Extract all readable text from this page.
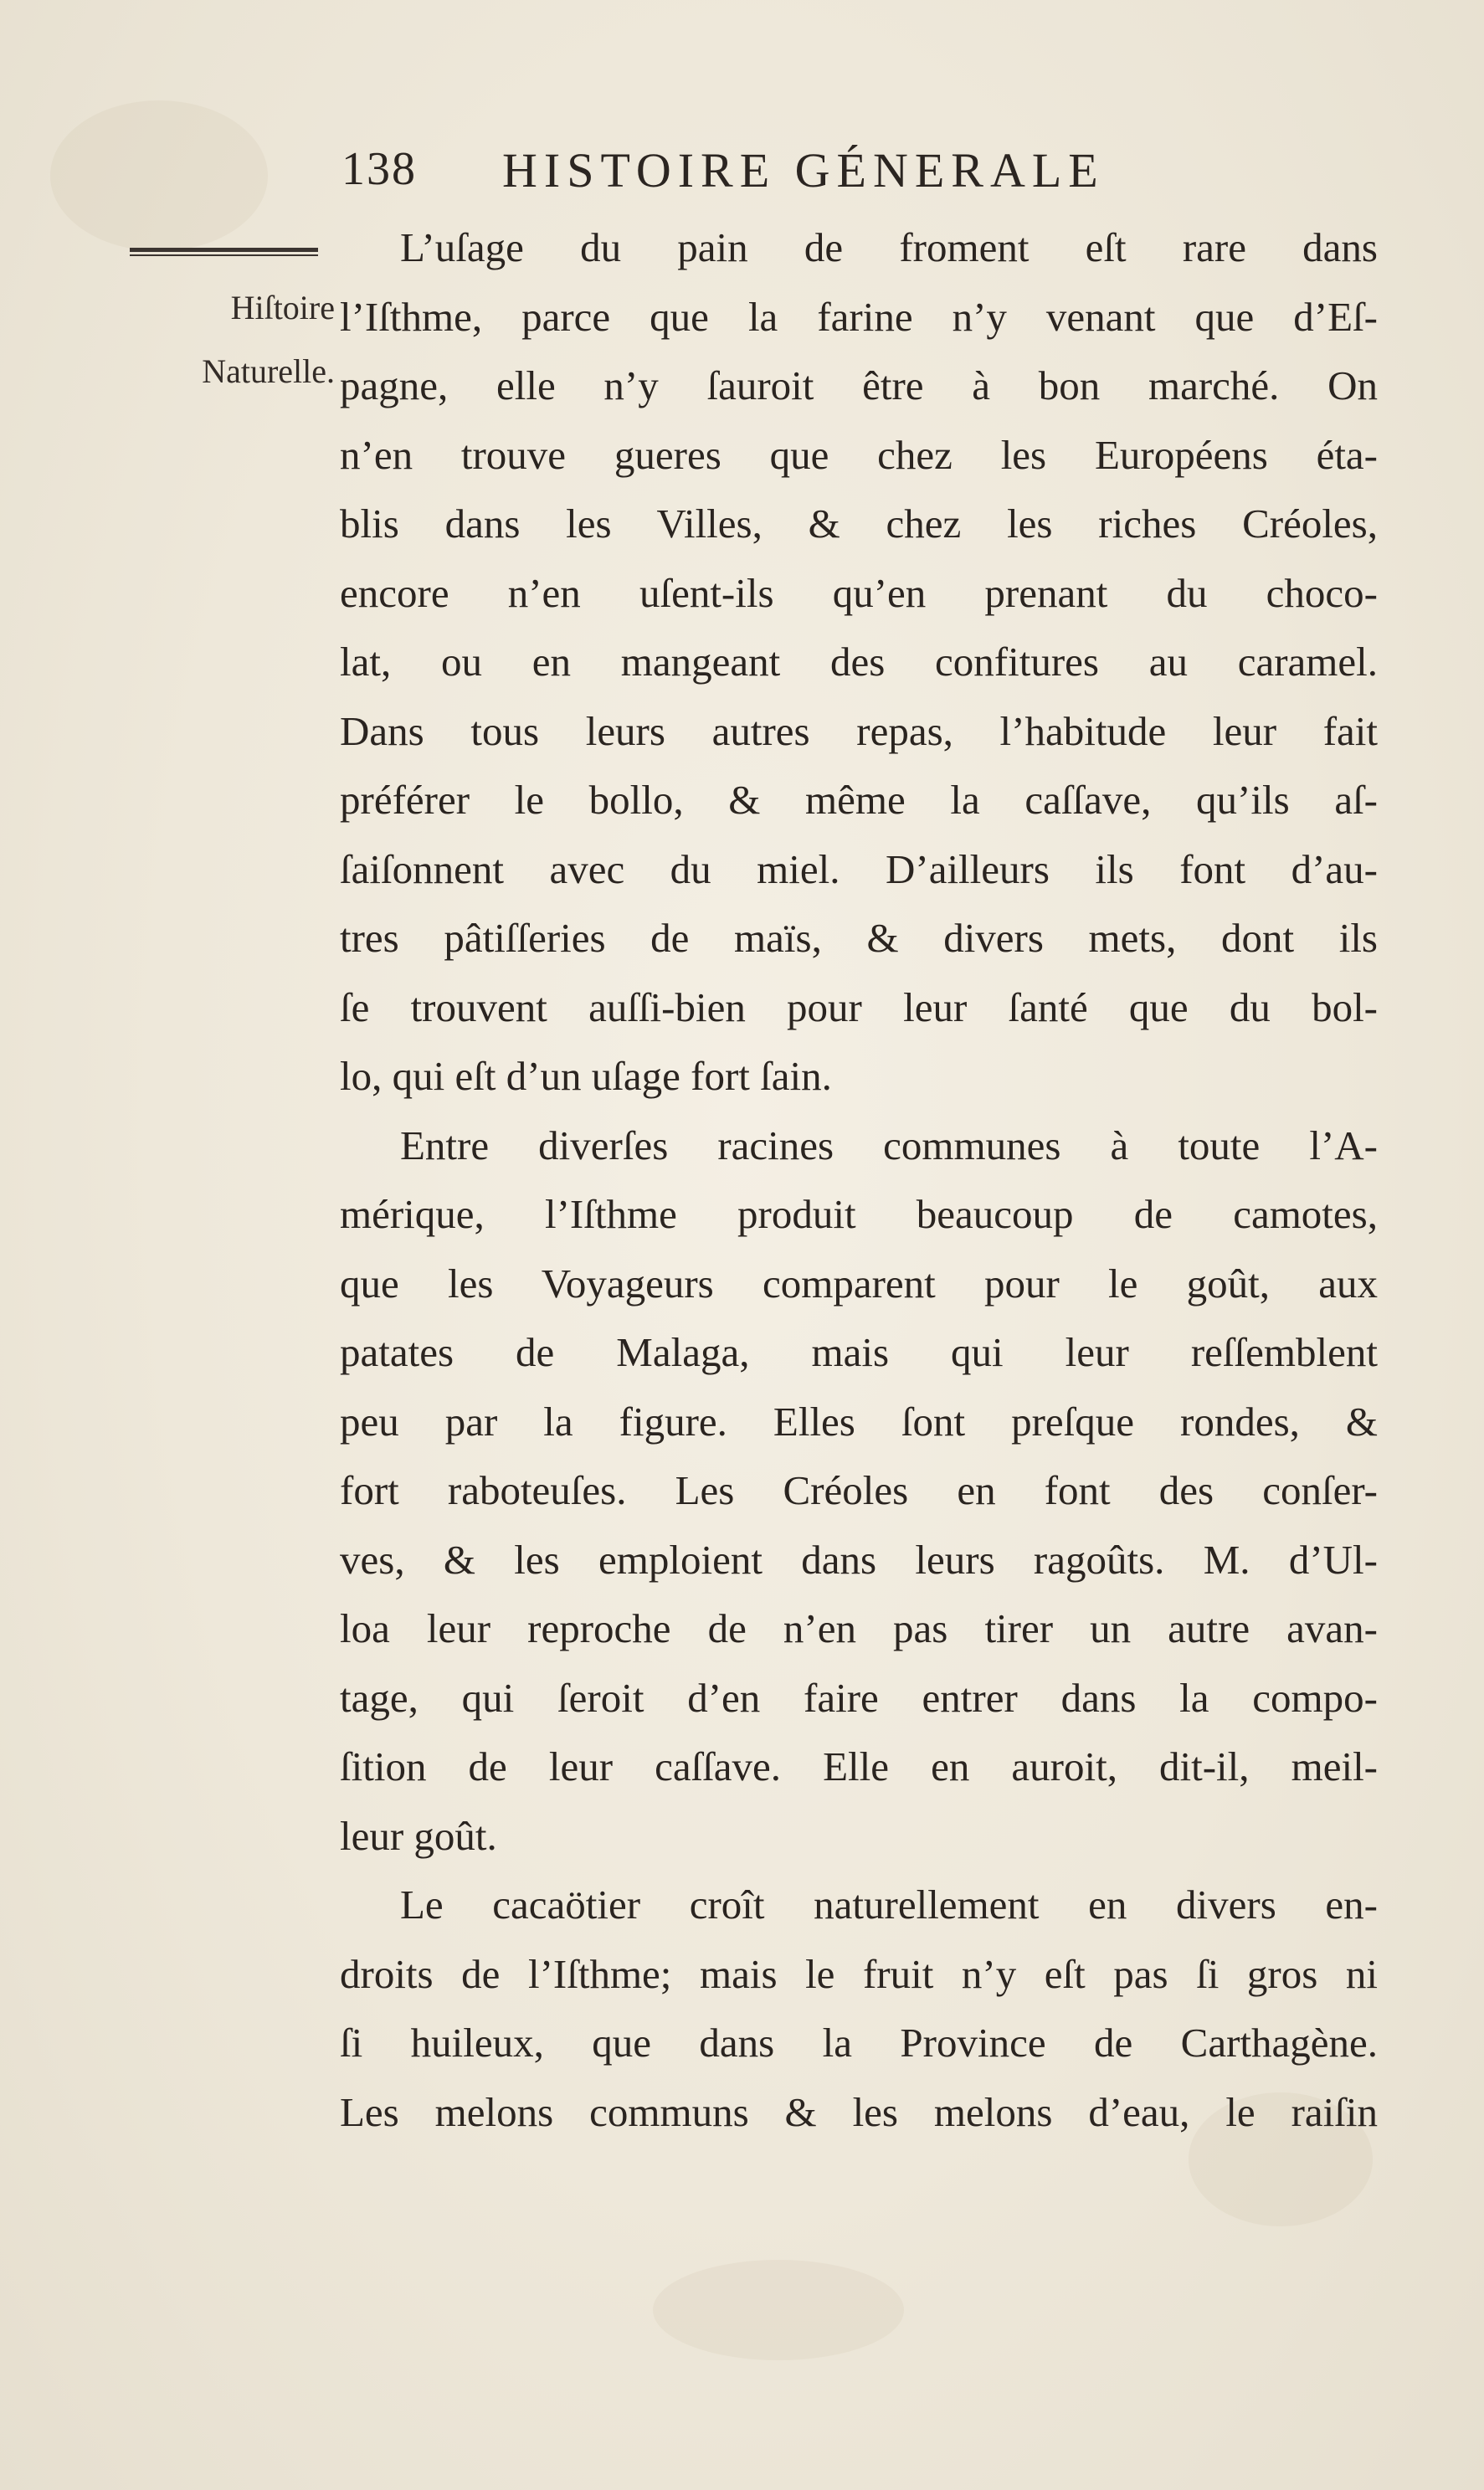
138 HISTOIRE GÉNERALE
Hiſtoire
Naturelle.
L’uſage du pain de froment eſt rare dans
l’Iſthme, parce que la farine n’y venant que d’Eſ-
pagne, elle n’y ſauroit être à bon marché. On
n’en trouve gueres que chez les Européens éta-
blis dans les Villes, & chez les riches Créoles,
encore n’en uſent-ils qu’en prenant du choco-
lat, ou en mangeant des confitures au caramel.
Dans tous leurs autres repas, l’habitude leur fait
préférer le bollo, & même la caſſave, qu’ils aſ-
ſaiſonnent avec du miel. D’ailleurs ils font d’au-
tres pâtiſſeries de maïs, & divers mets, dont ils
ſe trouvent auſſi-bien pour leur ſanté que du bol-
lo, qui eſt d’un uſage fort ſain.
Entre diverſes racines communes à toute l’A-
mérique, l’Iſthme produit beaucoup de camotes,
que les Voyageurs comparent pour le goût, aux
patates de Malaga, mais qui leur reſſemblent
peu par la figure. Elles ſont preſque rondes, &
fort raboteuſes. Les Créoles en font des conſer-
ves, & les emploient dans leurs ragoûts. M. d’Ul-
loa leur reproche de n’en pas tirer un autre avan-
tage, qui ſeroit d’en faire entrer dans la compo-
ſition de leur caſſave. Elle en auroit, dit-il, meil-
leur goût.
Le cacaötier croît naturellement en divers en-
droits de l’Iſthme; mais le fruit n’y eſt pas ſi gros ni
ſi huileux, que dans la Province de Carthagène.
Les melons communs & les melons d’eau, le raiſin
